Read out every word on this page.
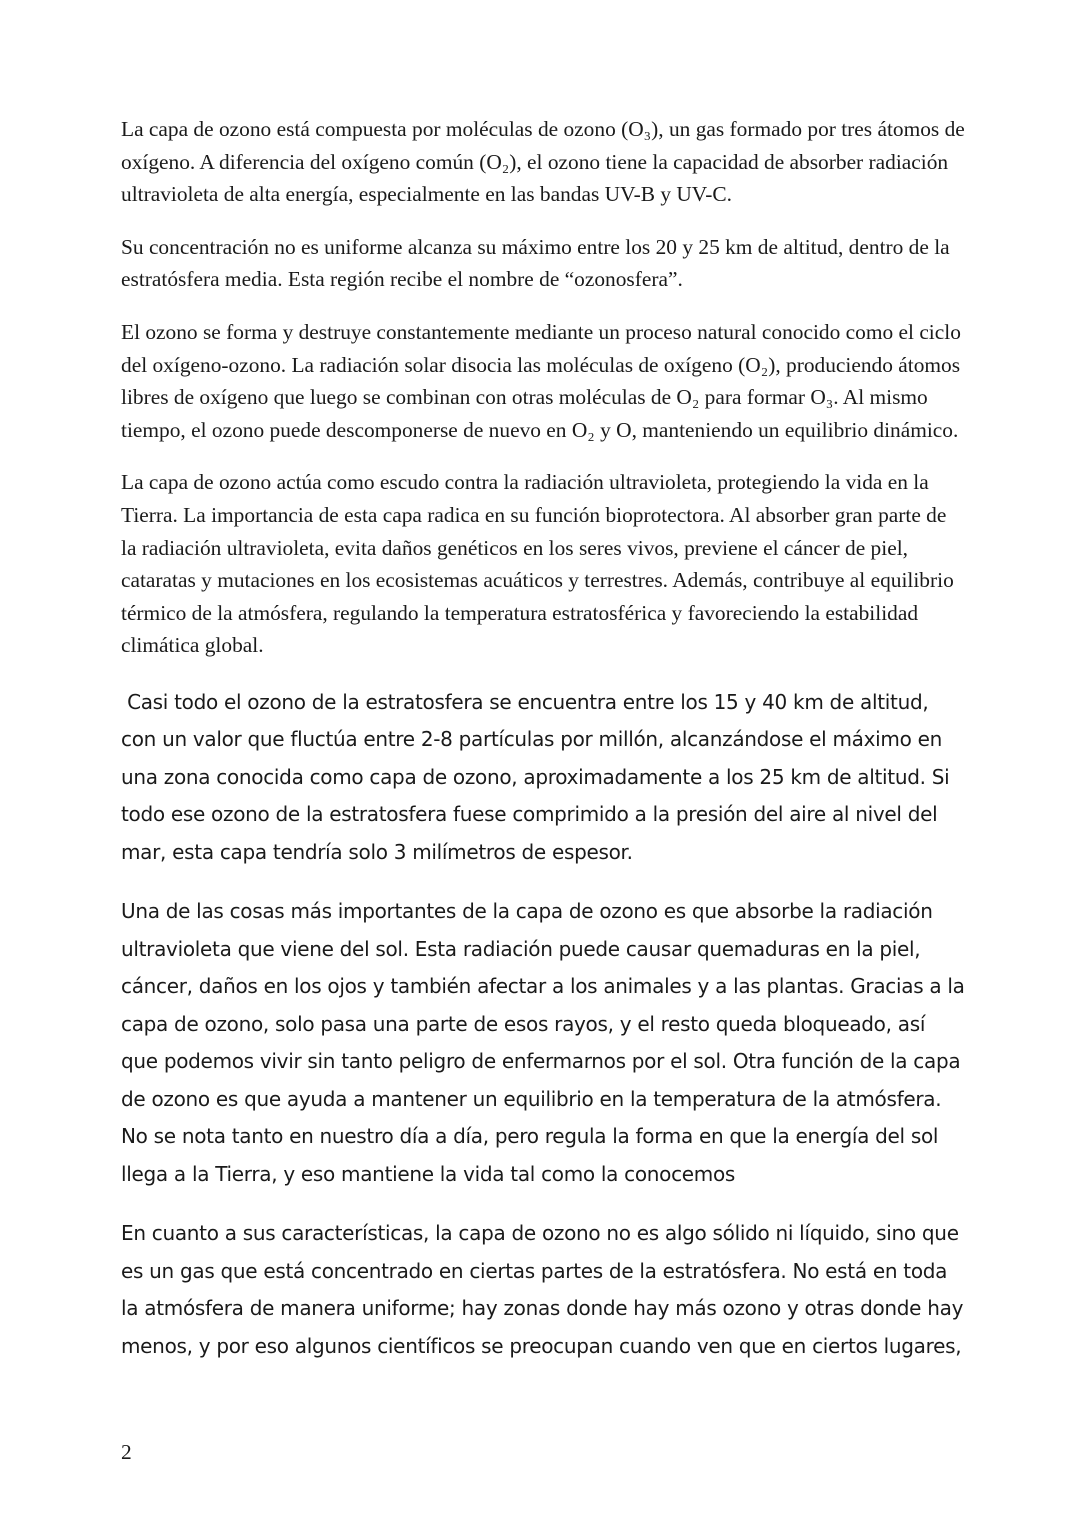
La capa de ozono está compuesta por moléculas de ozono (O₃), un gas formado por tres átomos de oxígeno. A diferencia del oxígeno común (O₂), el ozono tiene la capacidad de absorber radiación ultravioleta de alta energía, especialmente en las bandas UV-B y UV-C.

Su concentración no es uniforme alcanza su máximo entre los 20 y 25 km de altitud, dentro de la estratósfera media. Esta región recibe el nombre de “ozonosfera”.

El ozono se forma y destruye constantemente mediante un proceso natural conocido como el ciclo del oxígeno-ozono. La radiación solar disocia las moléculas de oxígeno (O₂), produciendo átomos libres de oxígeno que luego se combinan con otras moléculas de O₂ para formar O₃. Al mismo tiempo, el ozono puede descomponerse de nuevo en O₂ y O, manteniendo un equilibrio dinámico.

La capa de ozono actúa como escudo contra la radiación ultravioleta, protegiendo la vida en la Tierra. La importancia de esta capa radica en su función bioprotectora. Al absorber gran parte de la radiación ultravioleta, evita daños genéticos en los seres vivos, previene el cáncer de piel, cataratas y mutaciones en los ecosistemas acuáticos y terrestres. Además, contribuye al equilibrio térmico de la atmósfera, regulando la temperatura estratosférica y favoreciendo la estabilidad climática global.

Casi todo el ozono de la estratosfera se encuentra entre los 15 y 40 km de altitud, con un valor que fluctúa entre 2-8 partículas por millón, alcanzándose el máximo en una zona conocida como capa de ozono, aproximadamente a los 25 km de altitud. Si todo ese ozono de la estratosfera fuese comprimido a la presión del aire al nivel del mar, esta capa tendría solo 3 milímetros de espesor.

Una de las cosas más importantes de la capa de ozono es que absorbe la radiación ultravioleta que viene del sol. Esta radiación puede causar quemaduras en la piel, cáncer, daños en los ojos y también afectar a los animales y a las plantas. Gracias a la capa de ozono, solo pasa una parte de esos rayos, y el resto queda bloqueado, así que podemos vivir sin tanto peligro de enfermarnos por el sol. Otra función de la capa de ozono es que ayuda a mantener un equilibrio en la temperatura de la atmósfera. No se nota tanto en nuestro día a día, pero regula la forma en que la energía del sol llega a la Tierra, y eso mantiene la vida tal como la conocemos

En cuanto a sus características, la capa de ozono no es algo sólido ni líquido, sino que es un gas que está concentrado en ciertas partes de la estratósfera. No está en toda la atmósfera de manera uniforme; hay zonas donde hay más ozono y otras donde hay menos, y por eso algunos científicos se preocupan cuando ven que en ciertos lugares,

2
